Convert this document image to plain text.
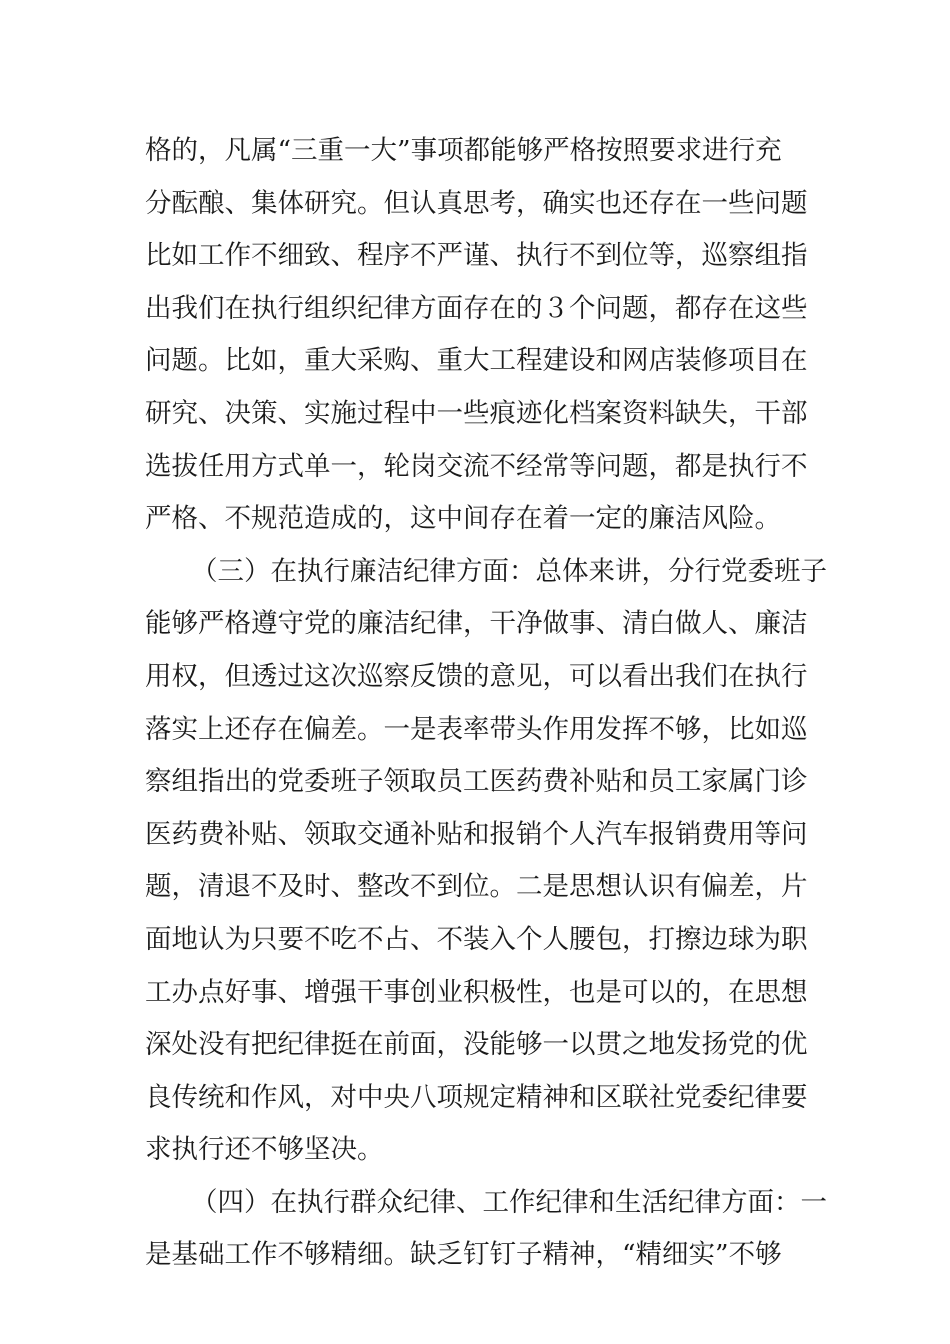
格的，凡属“三重一大”事项都能够严格按照要求进行充
分酝酿、集体研究。但认真思考，确实也还存在一些问题
比如工作不细致、程序不严谨、执行不到位等，巡察组指
出我们在执行组织纪律方面存在的３个问题，都存在这些
问题。比如，重大采购、重大工程建设和网店装修项目在
研究、决策、实施过程中一些痕迹化档案资料缺失，干部
选拔任用方式单一，轮岗交流不经常等问题，都是执行不
严格、不规范造成的，这中间存在着一定的廉洁风险。
（三）在执行廉洁纪律方面：总体来讲，分行党委班子
能够严格遵守党的廉洁纪律，干净做事、清白做人、廉洁
用权，但透过这次巡察反馈的意见，可以看出我们在执行
落实上还存在偏差。一是表率带头作用发挥不够，比如巡
察组指出的党委班子领取员工医药费补贴和员工家属门诊
医药费补贴、领取交通补贴和报销个人汽车报销费用等问
题，清退不及时、整改不到位。二是思想认识有偏差，片
面地认为只要不吃不占、不装入个人腰包，打擦边球为职
工办点好事、增强干事创业积极性，也是可以的，在思想
深处没有把纪律挺在前面，没能够一以贯之地发扬党的优
良传统和作风，对中央八项规定精神和区联社党委纪律要
求执行还不够坚决。
（四）在执行群众纪律、工作纪律和生活纪律方面：一
是基础工作不够精细。缺乏钉钉子精神，“精细实”不够
